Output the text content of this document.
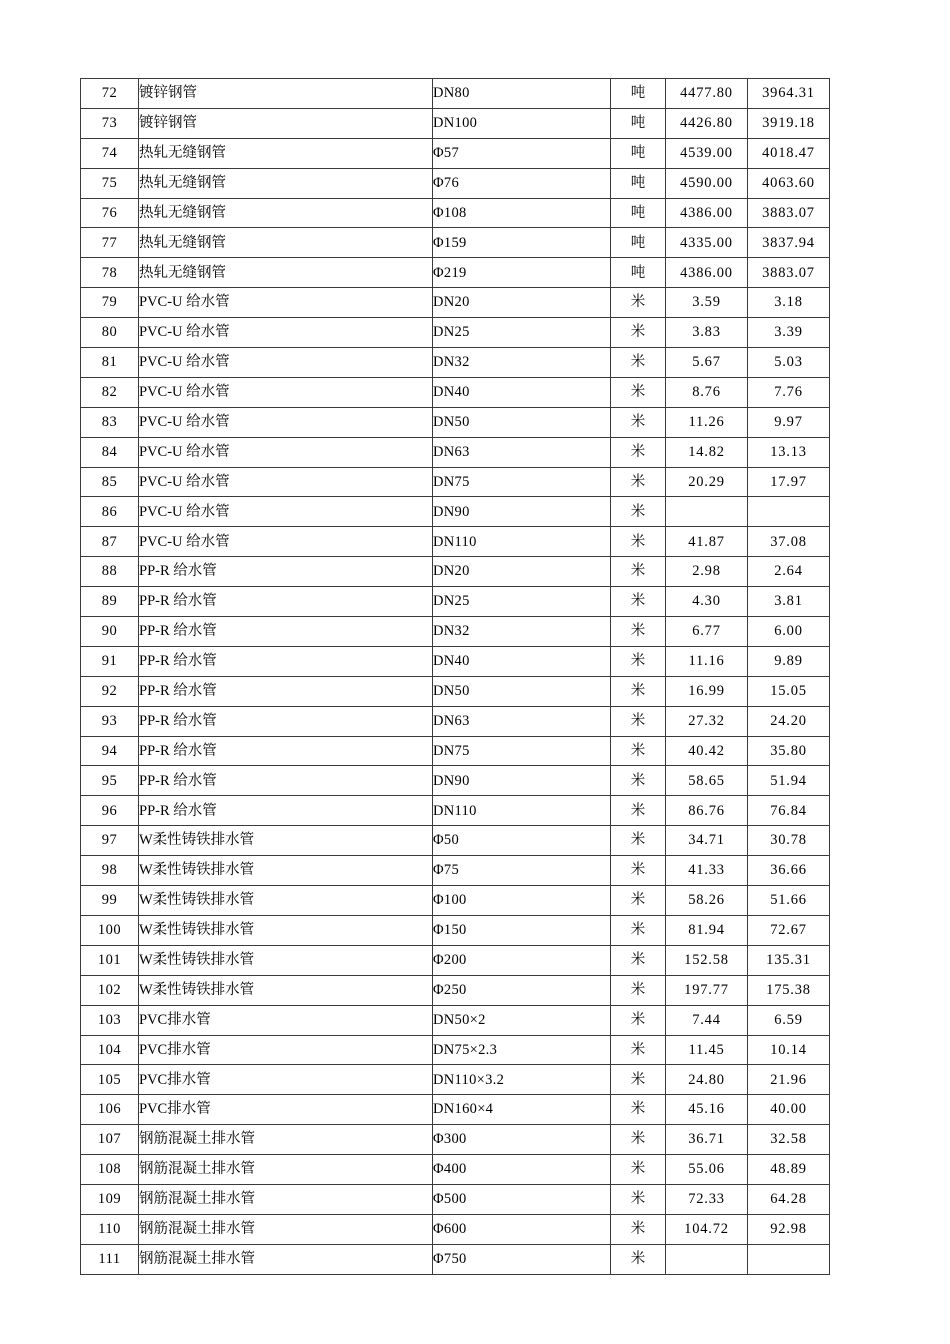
72	镀锌钢管	DN80	吨	4477.80	3964.31
73	镀锌钢管	DN100	吨	4426.80	3919.18
74	热轧无缝钢管	Φ57	吨	4539.00	4018.47
75	热轧无缝钢管	Φ76	吨	4590.00	4063.60
76	热轧无缝钢管	Φ108	吨	4386.00	3883.07
77	热轧无缝钢管	Φ159	吨	4335.00	3837.94
78	热轧无缝钢管	Φ219	吨	4386.00	3883.07
79	PVC-U 给水管	DN20	米	3.59	3.18
80	PVC-U 给水管	DN25	米	3.83	3.39
81	PVC-U 给水管	DN32	米	5.67	5.03
82	PVC-U 给水管	DN40	米	8.76	7.76
83	PVC-U 给水管	DN50	米	11.26	9.97
84	PVC-U 给水管	DN63	米	14.82	13.13
85	PVC-U 给水管	DN75	米	20.29	17.97
86	PVC-U 给水管	DN90	米		
87	PVC-U 给水管	DN110	米	41.87	37.08
88	PP-R 给水管	DN20	米	2.98	2.64
89	PP-R 给水管	DN25	米	4.30	3.81
90	PP-R 给水管	DN32	米	6.77	6.00
91	PP-R 给水管	DN40	米	11.16	9.89
92	PP-R 给水管	DN50	米	16.99	15.05
93	PP-R 给水管	DN63	米	27.32	24.20
94	PP-R 给水管	DN75	米	40.42	35.80
95	PP-R 给水管	DN90	米	58.65	51.94
96	PP-R 给水管	DN110	米	86.76	76.84
97	W柔性铸铁排水管	Φ50	米	34.71	30.78
98	W柔性铸铁排水管	Φ75	米	41.33	36.66
99	W柔性铸铁排水管	Φ100	米	58.26	51.66
100	W柔性铸铁排水管	Φ150	米	81.94	72.67
101	W柔性铸铁排水管	Φ200	米	152.58	135.31
102	W柔性铸铁排水管	Φ250	米	197.77	175.38
103	PVC排水管	DN50×2	米	7.44	6.59
104	PVC排水管	DN75×2.3	米	11.45	10.14
105	PVC排水管	DN110×3.2	米	24.80	21.96
106	PVC排水管	DN160×4	米	45.16	40.00
107	钢筋混凝土排水管	Φ300	米	36.71	32.58
108	钢筋混凝土排水管	Φ400	米	55.06	48.89
109	钢筋混凝土排水管	Φ500	米	72.33	64.28
110	钢筋混凝土排水管	Φ600	米	104.72	92.98
111	钢筋混凝土排水管	Φ750	米		
